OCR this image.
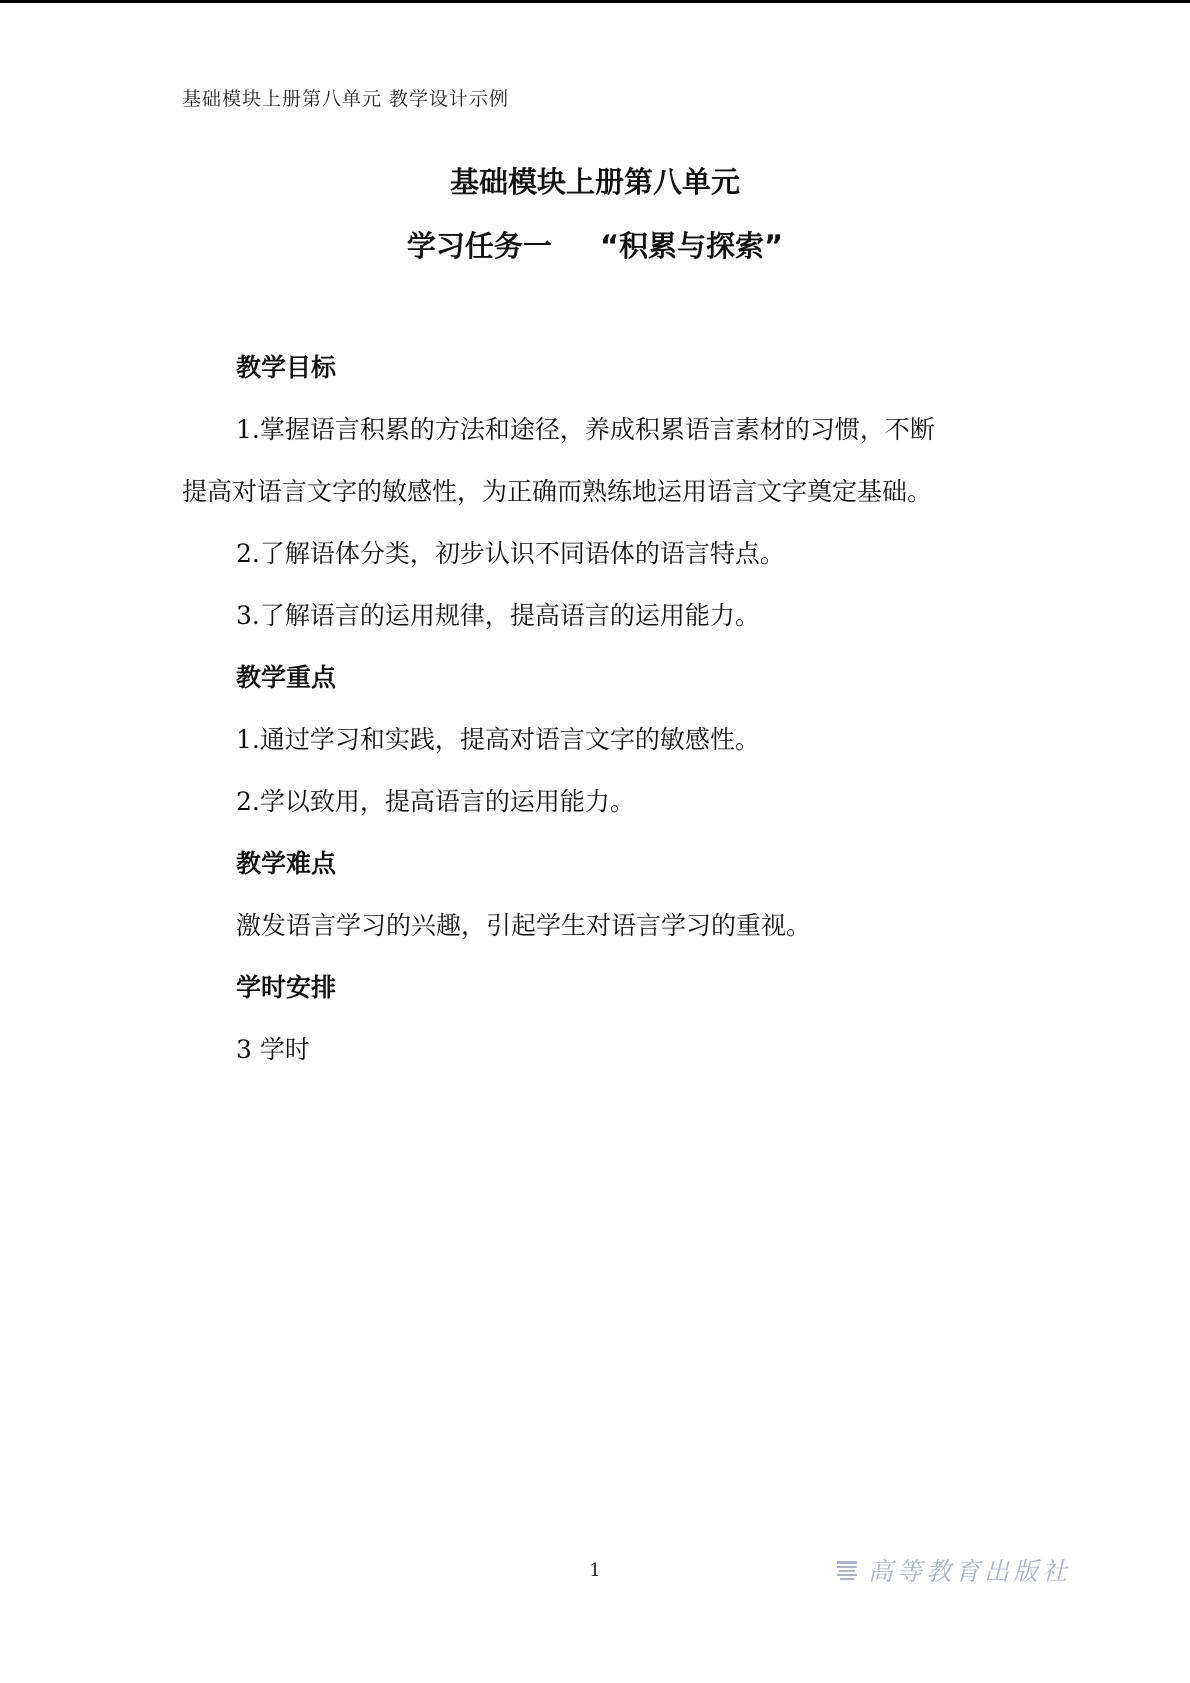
基础模块上册第八单元 教学设计示例
基础模块上册第八单元
学习任务一 “积累与探索”
教学目标
1.掌握语言积累的方法和途径，养成积累语言素材的习惯，不断
提高对语言文字的敏感性，为正确而熟练地运用语言文字奠定基础。
2.了解语体分类，初步认识不同语体的语言特点。
3.了解语言的运用规律，提高语言的运用能力。
教学重点
1.通过学习和实践，提高对语言文字的敏感性。
2.学以致用，提高语言的运用能力。
教学难点
激发语言学习的兴趣，引起学生对语言学习的重视。
学时安排
3 学时
1	高等教育出版社
